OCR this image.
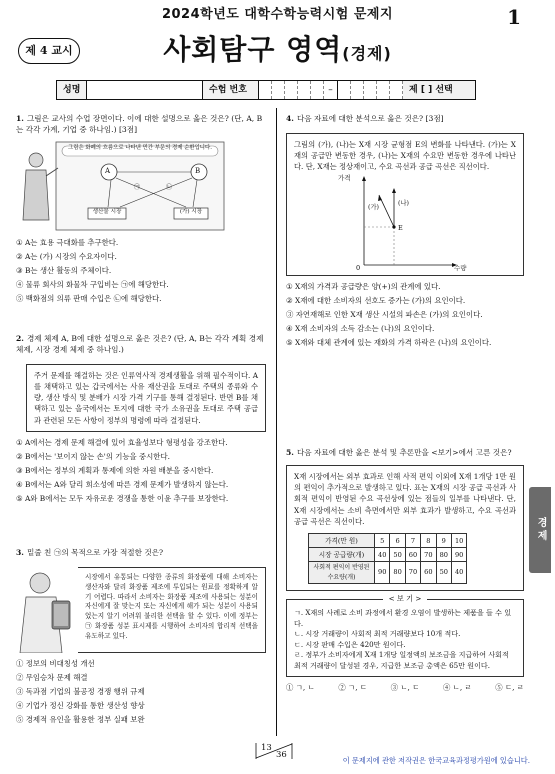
2024학년도 대학수학능력시험 문제지	1
제 4 교시	사회탐구 영역(경제)
성명	수험 번호	–	제 [ ] 선택
1. 그림은 교사의 수업 장면이다. 이에 대한 설명으로 옳은 것은? (단, A, B는 각각 가계, 기업 중 하나임.) [3점]
그림은 화폐의 흐름으로 나타낸 민간 부문의 경제 순환입니다.
A	B
생산물 시장	(가) 시장
㉠	㉡
① A는 효용 극대화를 추구한다.
② A는 (가) 시장의 수요자이다.
③ B는 생산 활동의 주체이다.
④ 물류 회사의 화물차 구입비는 ㉠에 해당한다.
⑤ 백화점의 의류 판매 수입은 ㉡에 해당한다.
2. 경제 체제 A, B에 대한 설명으로 옳은 것은? (단, A, B는 각각 계획 경제 체제, 시장 경제 체제 중 하나임.)
주거 문제를 해결하는 것은 인류역사적 경제생활을 위해 필수적이다. A를 채택하고 있는 갑국에서는 사유 재산권을 토대로 주택의 종류와 수량, 생산 방식 및 분배가 시장 가격 기구를 통해 결정된다. 반면 B를 채택하고 있는 을국에서는 토지에 대한 국가 소유권을 토대로 주택 공급과 관련된 모든 사항이 정부의 명령에 따라 결정된다.
① A에서는 경제 문제 해결에 있어 효율성보다 형평성을 강조한다.
② B에서는 '보이지 않는 손'의 기능을 중시한다.
③ B에서는 정부의 계획과 통제에 의한 자원 배분을 중시한다.
④ B에서는 A와 달리 희소성에 따른 경제 문제가 발생하지 않는다.
⑤ A와 B에서는 모두 자유로운 경쟁을 통한 이윤 추구를 보장한다.
3. 밑줄 친 ㉠의 목적으로 가장 적절한 것은?
시장에서 유통되는 다양한 종류의 화장품에 대해 소비자는 생산자와 달리 화장품 제조에 투입되는 원료를 정확하게 알기 어렵다. 따라서 소비자는 화장품 제조에 사용되는 성분이 자신에게 잘 맞는지 또는 자신에게 해가 되는 성분이 사용되었는지 알기 어려워 불리한 선택을 할 수 있다. 이에 정부는 ㉠ 화장품 성분 표시제를 시행하여 소비자의 합리적 선택을 유도하고 있다.
① 정보의 비대칭성 개선
② 무임승차 문제 해결
③ 독과점 기업의 불공정 경쟁 행위 규제
④ 기업가 정신 강화를 통한 생산성 향상
⑤ 경제적 유인을 활용한 정부 실패 보완
4. 다음 자료에 대한 분석으로 옳은 것은? [3점]
그림의 (가), (나)는 X재 시장 균형점 E의 변화를 나타낸다. (가)는 X재의 공급만 변동한 경우, (나)는 X재의 수요만 변동한 경우에 나타난다. 단, X재는 정상재이고, 수요 곡선과 공급 곡선은 직선이다.
가격
수량
0
E
(가)
(나)
① X재의 가격과 공급량은 양(+)의 관계에 있다.
② X재에 대한 소비자의 선호도 증가는 (가)의 요인이다.
③ 자연재해로 인한 X재 생산 시설의 파손은 (가)의 요인이다.
④ X재 소비자의 소득 감소는 (나)의 요인이다.
⑤ X재와 대체 관계에 있는 재화의 가격 하락은 (나)의 요인이다.
5. 다음 자료에 대한 옳은 분석 및 추론만을 <보기>에서 고른 것은?
X재 시장에서는 외부 효과로 인해 사적 편익 이외에 X재 1개당 1만 원의 편익이 추가적으로 발생하고 있다. 표는 X재의 시장 공급 곡선과 사회적 편익이 반영된 수요 곡선상에 있는 점들의 일부를 나타낸다. 단, X재 시장에서는 소비 측면에서만 외부 효과가 발생하고, 수요 곡선과 공급 곡선은 직선이다.
가격(만 원)	5	6	7	8	9	10
시장 공급량(개)	40	50	60	70	80	90
사회적 편익이 반영된 수요량(개)	90	80	70	60	50	40
< 보 기 >
ㄱ. X재의 사례로 소비 과정에서 환경 오염이 발생하는 제품을 들 수 있다.
ㄴ. 시장 거래량이 사회적 최적 거래량보다 10개 적다.
ㄷ. 시장 판매 수입은 420만 원이다.
ㄹ. 정부가 소비자에게 X재 1개당 일정액의 보조금을 지급하여 사회적 최적 거래량이 달성된 경우, 지급한 보조금 총액은 65만 원이다.
① ㄱ, ㄴ	② ㄱ, ㄷ	③ ㄴ, ㄷ	④ ㄴ, ㄹ	⑤ ㄷ, ㄹ
경제
13
36
이 문제지에 관한 저작권은 한국교육과정평가원에 있습니다.
